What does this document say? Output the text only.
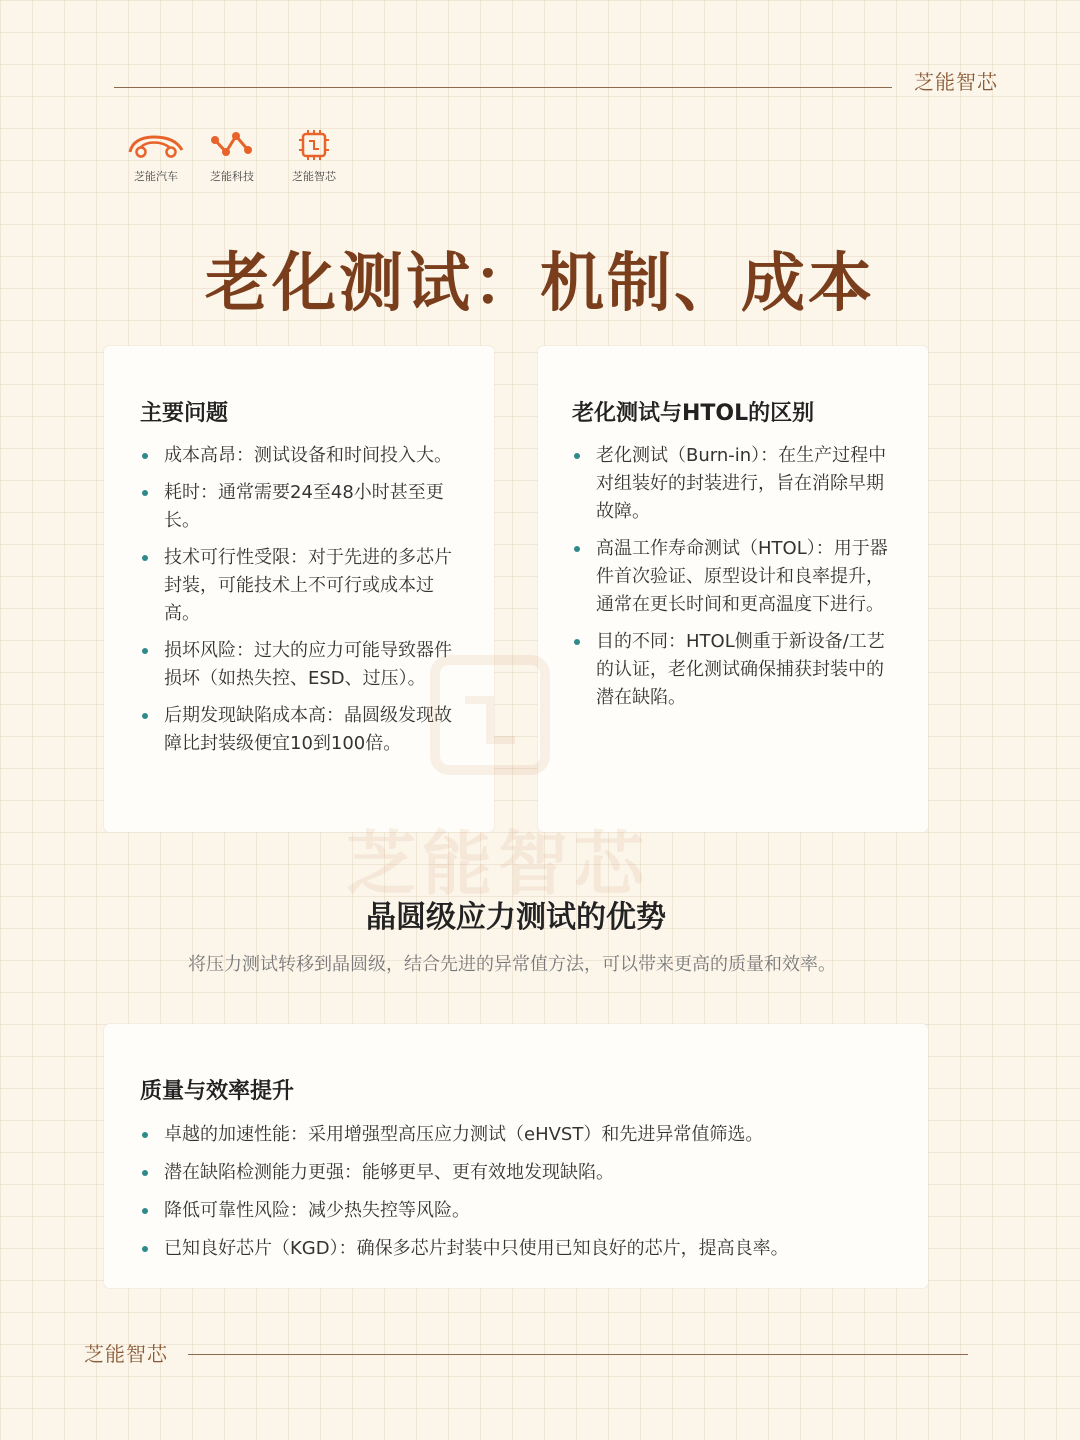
芝能智芯
芝能汽车	芝能科技	芝能智芯
老化测试：机制、成本
主要问题
成本高昂：测试设备和时间投入大。
耗时：通常需要24至48小时甚至更长。
技术可行性受限：对于先进的多芯片封装，可能技术上不可行或成本过高。
损坏风险：过大的应力可能导致器件损坏（如热失控、ESD、过压）。
后期发现缺陷成本高：晶圆级发现故障比封装级便宜10到100倍。
老化测试与HTOL的区别
老化测试（Burn-in）：在生产过程中对组装好的封装进行，旨在消除早期故障。
高温工作寿命测试（HTOL）：用于器件首次验证、原型设计和良率提升，通常在更长时间和更高温度下进行。
目的不同：HTOL侧重于新设备/工艺的认证，老化测试确保捕获封装中的潜在缺陷。
芝能智芯
晶圆级应力测试的优势
将压力测试转移到晶圆级，结合先进的异常值方法，可以带来更高的质量和效率。
质量与效率提升
卓越的加速性能：采用增强型高压应力测试（eHVST）和先进异常值筛选。
潜在缺陷检测能力更强：能够更早、更有效地发现缺陷。
降低可靠性风险：减少热失控等风险。
已知良好芯片（KGD）：确保多芯片封装中只使用已知良好的芯片，提高良率。
芝能智芯
